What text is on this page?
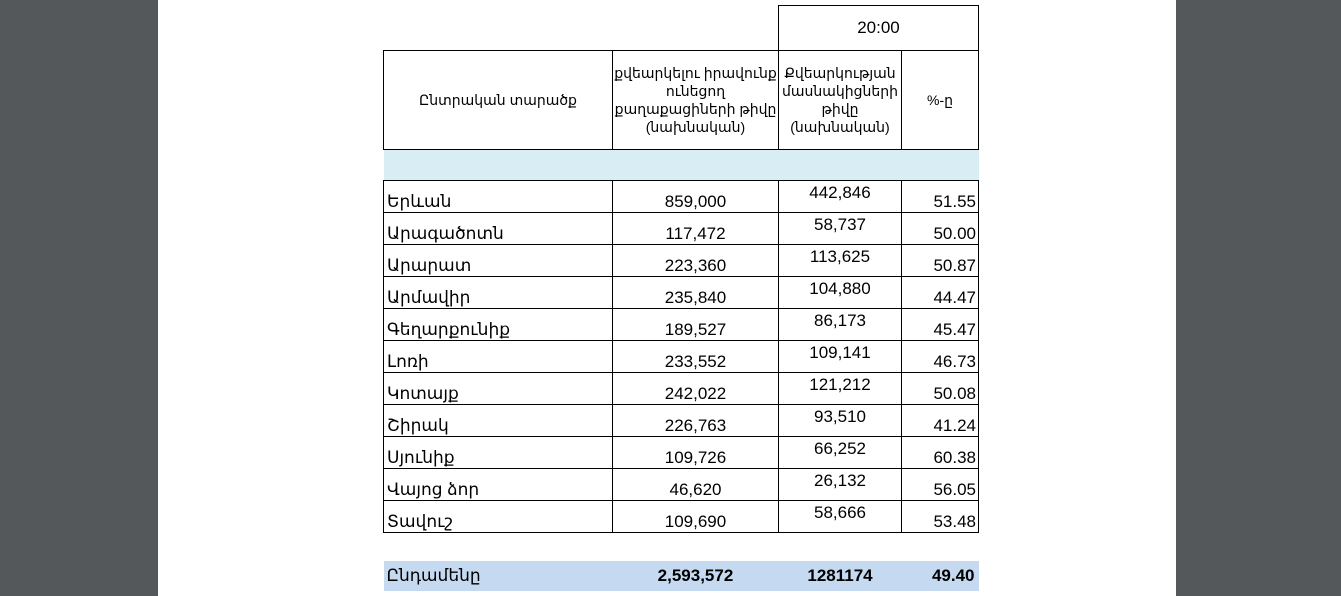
		20:00	
Ընտրական տարածք	քվեարկելու իրավունք ունեցող քաղաքացիների թիվը (նախնական)	Քվեարկության մասնակիցների թիվը (նախնական)	%-ը

Երևան	859,000	442,846	51.55
Արագածոտն	117,472	58,737	50.00
Արարատ	223,360	113,625	50.87
Արմավիր	235,840	104,880	44.47
Գեղարքունիք	189,527	86,173	45.47
Լոռի	233,552	109,141	46.73
Կոտայք	242,022	121,212	50.08
Շիրակ	226,763	93,510	41.24
Սյունիք	109,726	66,252	60.38
Վայոց ձոր	46,620	26,132	56.05
Տավուշ	109,690	58,666	53.48

Ընդամենը	2,593,572	1281174	49.40
